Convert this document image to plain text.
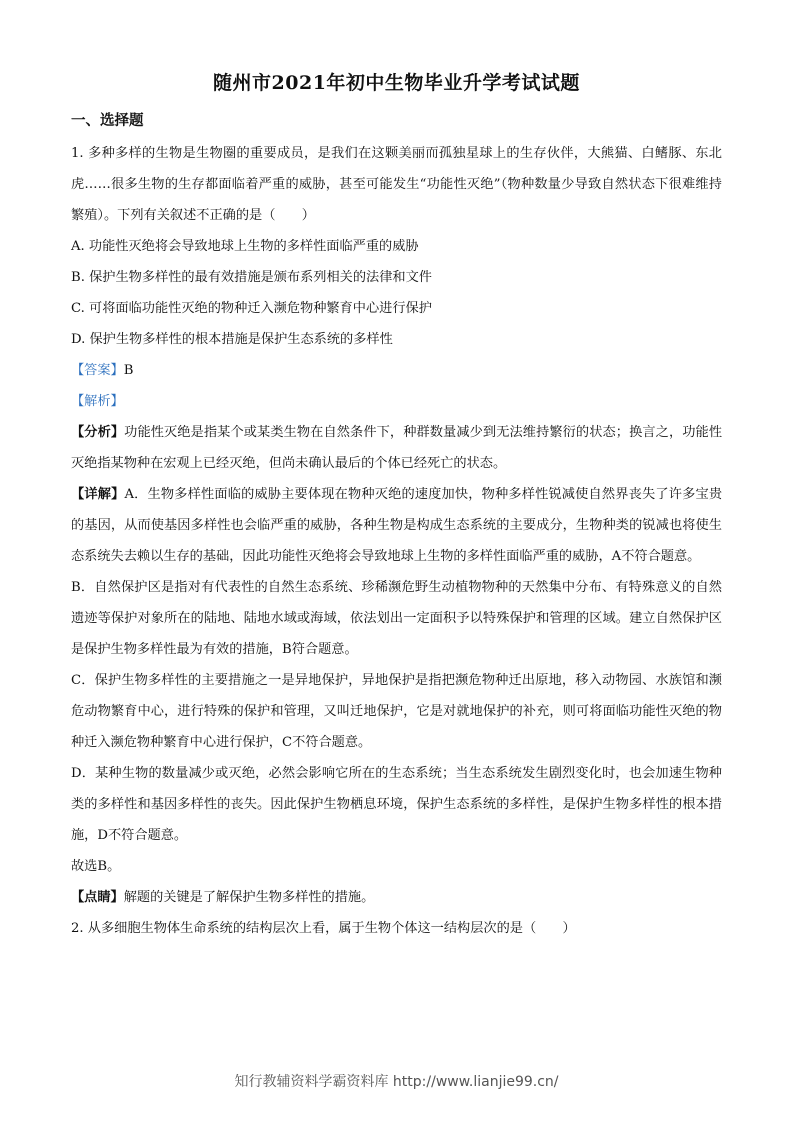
随州市2021年初中生物毕业升学考试试题
一、选择题

1. 多种多样的生物是生物圈的重要成员，是我们在这颗美丽而孤独星球上的生存伙伴，大熊猫、白鳍豚、东北虎……很多生物的生存都面临着严重的威胁，甚至可能发生“功能性灭绝”（物种数量少导致自然状态下很难维持繁殖）。下列有关叙述不正确的是（　　）

A. 功能性灭绝将会导致地球上生物的多样性面临严重的威胁

B. 保护生物多样性的最有效措施是颁布系列相关的法律和文件

C. 可将面临功能性灭绝的物种迁入濒危物种繁育中心进行保护

D. 保护生物多样性的根本措施是保护生态系统的多样性

【答案】B

【解析】

【分析】功能性灭绝是指某个或某类生物在自然条件下，种群数量减少到无法维持繁衍的状态；换言之，功能性灭绝指某物种在宏观上已经灭绝，但尚未确认最后的个体已经死亡的状态。

【详解】A．生物多样性面临的威胁主要体现在物种灭绝的速度加快，物种多样性锐减使自然界丧失了许多宝贵的基因，从而使基因多样性也会临严重的威胁，各种生物是构成生态系统的主要成分，生物种类的锐减也将使生态系统失去赖以生存的基础，因此功能性灭绝将会导致地球上生物的多样性面临严重的威胁，A不符合题意。

B．自然保护区是指对有代表性的自然生态系统、珍稀濒危野生动植物物种的天然集中分布、有特殊意义的自然遗迹等保护对象所在的陆地、陆地水域或海域，依法划出一定面积予以特殊保护和管理的区域。建立自然保护区是保护生物多样性最为有效的措施，B符合题意。

C．保护生物多样性的主要措施之一是异地保护，异地保护是指把濒危物种迁出原地，移入动物园、水族馆和濒危动物繁育中心，进行特殊的保护和管理，又叫迁地保护，它是对就地保护的补充，则可将面临功能性灭绝的物种迁入濒危物种繁育中心进行保护，C不符合题意。

D．某种生物的数量减少或灭绝，必然会影响它所在的生态系统；当生态系统发生剧烈变化时，也会加速生物种类的多样性和基因多样性的丧失。因此保护生物栖息环境，保护生态系统的多样性，是保护生物多样性的根本措施，D不符合题意。

故选B。

【点睛】解题的关键是了解保护生物多样性的措施。

2. 从多细胞生物体生命系统的结构层次上看，属于生物个体这一结构层次的是（　　）

知行教辅资料学霸资料库 http://www.lianjie99.cn/
